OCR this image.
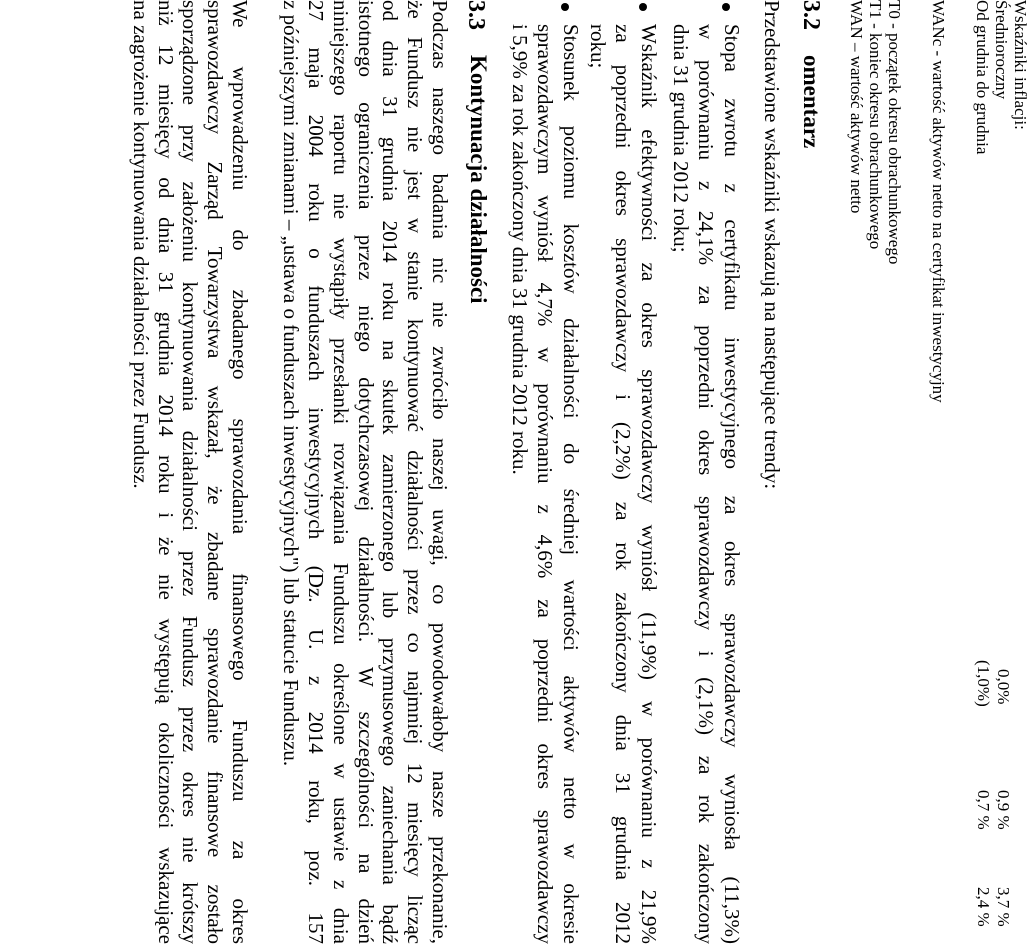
Wskaźniki inflacji:
Średnioroczny
Od grudnia do grudnia
0,0%
0,9 %
3,7 %
(1,0%)
0,7 %
2,4 %
WANc - wartość aktywów netto na certyfikat inwestycyjny
T0 - początek okresu obrachunkowego
T1 - koniec okresu obrachunkowego
WAN – wartość aktywów netto
3.2
omentarz
Przedstawione wskaźniki wskazują na następujące trendy:
Stopa zwrotu z certyfikatu inwestycyjnego za okres sprawozdawczy wyniosła (11,3%)
w porównaniu z 24,1% za poprzedni okres sprawozdawczy i (2,1%) za rok zakończony
dnia 31 grudnia 2012 roku;
Wskaźnik efektywności za okres sprawozdawczy wyniósł (11,9%) w porównaniu z 21,9%
za poprzedni okres sprawozdawczy i (2,2%) za rok zakończony dnia 31 grudnia 2012
roku;
Stosunek poziomu kosztów działalności do średniej wartości aktywów netto w okresie
sprawozdawczym wyniósł 4,7% w porównaniu z 4,6% za poprzedni okres sprawozdawczy
i 5,9% za rok zakończony dnia 31 grudnia 2012 roku.
3.3
Kontynuacja działalności
Podczas naszego badania nic nie zwróciło naszej uwagi, co powodowałoby nasze przekonanie,
że Fundusz nie jest w stanie kontynuować działalności przez co najmniej 12 miesięcy licząc
od dnia 31 grudnia 2014 roku na skutek zamierzonego lub przymusowego zaniechania bądź
istotnego ograniczenia przez niego dotychczasowej działalności. W szczególności na dzień
niniejszego raportu nie wystąpiły przesłanki rozwiązania Funduszu określone w ustawie z dnia
27 maja 2004 roku o funduszach inwestycyjnych (Dz. U. z 2014 roku, poz. 157
z późniejszymi zmianami – „ustawa o funduszach inwestycyjnych") lub statucie Funduszu.
We wprowadzeniu do zbadanego sprawozdania finansowego Funduszu za okres
sprawozdawczy Zarząd Towarzystwa wskazał, że zbadane sprawozdanie finansowe zostało
sporządzone przy założeniu kontynuowania działalności przez Fundusz przez okres nie krótszy
niż 12 miesięcy od dnia 31 grudnia 2014 roku i że nie występują okoliczności wskazujące
na zagrożenie kontynuowania działalności przez Fundusz.
